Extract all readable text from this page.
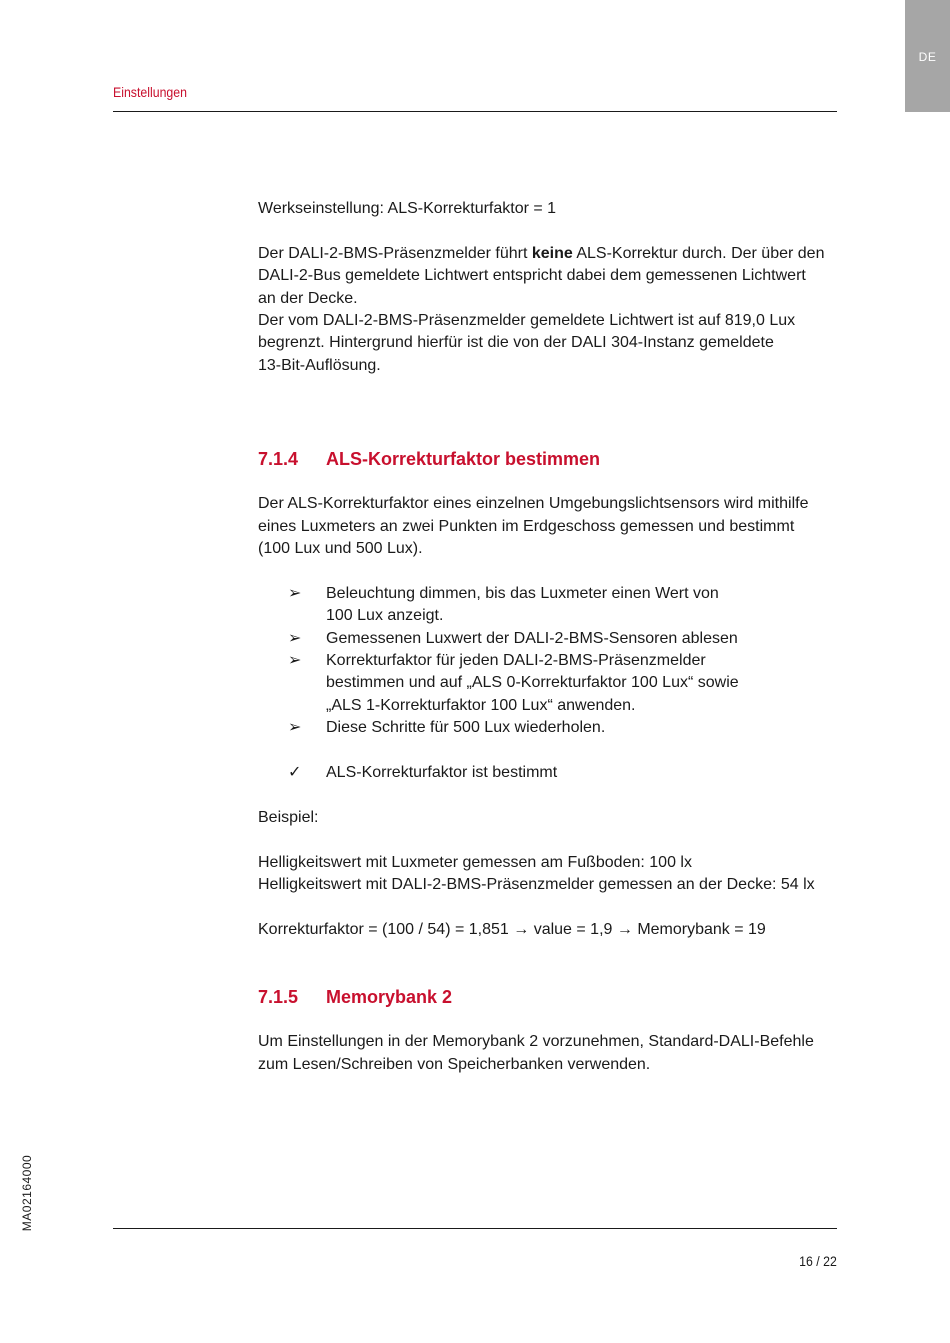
DE
Einstellungen

Werkseinstellung: ALS-Korrekturfaktor = 1

Der DALI-2-BMS-Präsenzmelder führt keine ALS-Korrektur durch. Der über den

DALI-2-Bus gemeldete Lichtwert entspricht dabei dem gemessenen Lichtwert

an der Decke.

Der vom DALI-2-BMS-Präsenzmelder gemeldete Lichtwert ist auf 819,0 Lux

begrenzt. Hintergrund hierfür ist die von der DALI 304-Instanz gemeldete

13-Bit-Auflösung.

7.1.4 ALS-Korrekturfaktor bestimmen

Der ALS-Korrekturfaktor eines einzelnen Umgebungslichtsensors wird mithilfe

eines Luxmeters an zwei Punkten im Erdgeschoss gemessen und bestimmt

(100 Lux und 500 Lux).

➢ Beleuchtung dimmen, bis das Luxmeter einen Wert von
100 Lux anzeigt.
➢ Gemessenen Luxwert der DALI-2-BMS-Sensoren ablesen
➢ Korrekturfaktor für jeden DALI-2-BMS-Präsenzmelder
bestimmen und auf „ALS 0-Korrekturfaktor 100 Lux“ sowie
„ALS 1-Korrekturfaktor 100 Lux“ anwenden.
➢ Diese Schritte für 500 Lux wiederholen.
✓ ALS-Korrekturfaktor ist bestimmt

Beispiel:

Helligkeitswert mit Luxmeter gemessen am Fußboden: 100 lx

Helligkeitswert mit DALI-2-BMS-Präsenzmelder gemessen an der Decke: 54 lx

Korrekturfaktor = (100 / 54) = 1,851 → value = 1,9 → Memorybank = 19

7.1.5 Memorybank 2

Um Einstellungen in der Memorybank 2 vorzunehmen, Standard-DALI-Befehle

zum Lesen/Schreiben von Speicherbanken verwenden.

MA02164000
16 / 22
